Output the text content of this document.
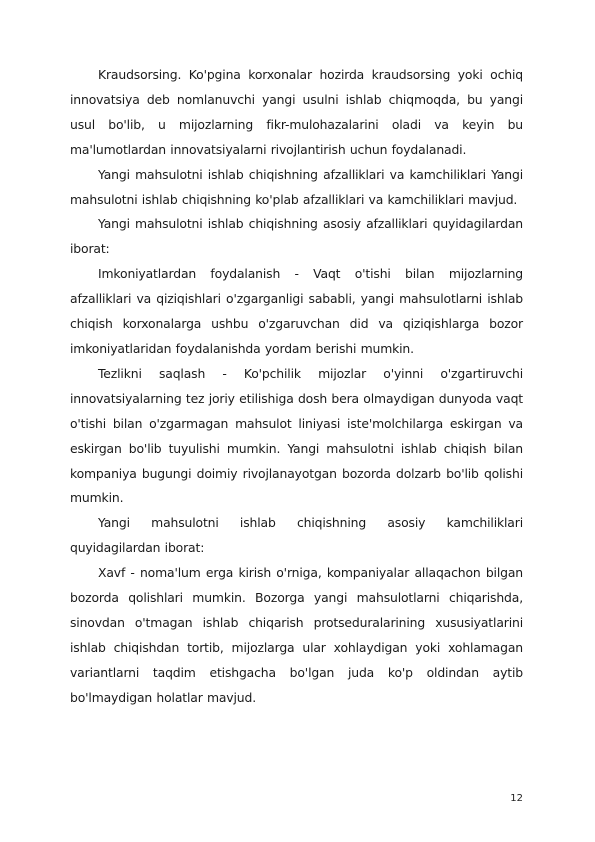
Kraudsorsing. Ko'pgina korxonalar hozirda kraudsorsing yoki ochiq innovatsiya deb nomlanuvchi yangi usulni ishlab chiqmoqda, bu yangi usul bo'lib, u mijozlarning fikr-mulohazalarini oladi va keyin bu ma'lumotlardan innovatsiyalarni rivojlantirish uchun foydalanadi.

Yangi mahsulotni ishlab chiqishning afzalliklari va kamchiliklari Yangi mahsulotni ishlab chiqishning ko'plab afzalliklari va kamchiliklari mavjud.

Yangi mahsulotni ishlab chiqishning asosiy afzalliklari quyidagilardan iborat:

Imkoniyatlardan foydalanish - Vaqt o'tishi bilan mijozlarning afzalliklari va qiziqishlari o'zgarganligi sababli, yangi mahsulotlarni ishlab chiqish korxonalarga ushbu o'zgaruvchan did va qiziqishlarga bozor imkoniyatlaridan foydalanishda yordam berishi mumkin.

Tezlikni saqlash - Ko'pchilik mijozlar o'yinni o'zgartiruvchi innovatsiyalarning tez joriy etilishiga dosh bera olmaydigan dunyoda vaqt o'tishi bilan o'zgarmagan mahsulot liniyasi iste'molchilarga eskirgan va eskirgan bo'lib tuyulishi mumkin. Yangi mahsulotni ishlab chiqish bilan kompaniya bugungi doimiy rivojlanayotgan bozorda dolzarb bo'lib qolishi mumkin.

Yangi mahsulotni ishlab chiqishning asosiy kamchiliklari quyidagilardan iborat:

Xavf - noma'lum erga kirish o'rniga, kompaniyalar allaqachon bilgan bozorda qolishlari mumkin. Bozorga yangi mahsulotlarni chiqarishda, sinovdan o'tmagan ishlab chiqarish protseduralarining xususiyatlarini ishlab chiqishdan tortib, mijozlarga ular xohlaydigan yoki xohlamagan variantlarni taqdim etishgacha bo'lgan juda ko'p oldindan aytib bo'lmaydigan holatlar mavjud.

12
